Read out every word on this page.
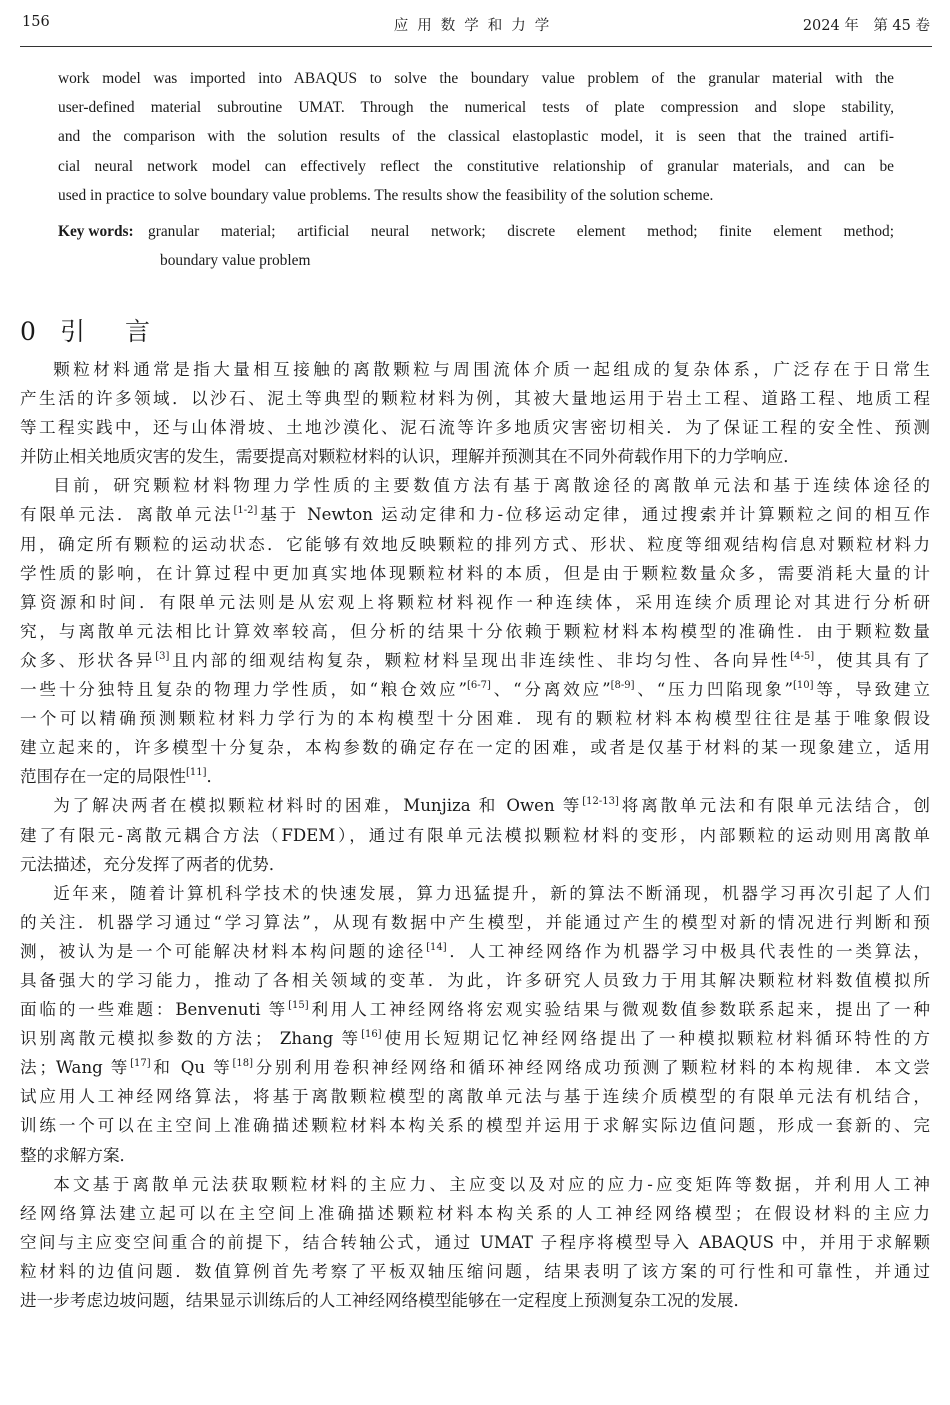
156	应用数学和力学	2024 年　第 45 卷
work model was imported into ABAQUS to solve the boundary value problem of the granular material with the
user-defined material subroutine UMAT. Through the numerical tests of plate compression and slope stability,
and the comparison with the solution results of the classical elastoplastic model, it is seen that the trained artifi-
cial neural network model can effectively reflect the constitutive relationship of granular materials, and can be
used in practice to solve boundary value problems. The results show the feasibility of the solution scheme.
Key words: granular material; artificial neural network; discrete element method; finite element method;
boundary value problem
0 引言

颗粒材料通常是指大量相互接触的离散颗粒与周围流体介质一起组成的复杂体系，广泛存在于日常生
产生活的许多领域．以沙石、泥土等典型的颗粒材料为例，其被大量地运用于岩土工程、道路工程、地质工程
等工程实践中，还与山体滑坡、土地沙漠化、泥石流等许多地质灾害密切相关．为了保证工程的安全性、预测
并防止相关地质灾害的发生，需要提高对颗粒材料的认识，理解并预测其在不同外荷载作用下的力学响应．

目前，研究颗粒材料物理力学性质的主要数值方法有基于离散途径的离散单元法和基于连续体途径的
有限单元法．离散单元法[1-2]基于 Newton 运动定律和力-位移运动定律，通过搜索并计算颗粒之间的相互作
用，确定所有颗粒的运动状态．它能够有效地反映颗粒的排列方式、形状、粒度等细观结构信息对颗粒材料力
学性质的影响，在计算过程中更加真实地体现颗粒材料的本质，但是由于颗粒数量众多，需要消耗大量的计
算资源和时间．有限单元法则是从宏观上将颗粒材料视作一种连续体，采用连续介质理论对其进行分析研
究，与离散单元法相比计算效率较高，但分析的结果十分依赖于颗粒材料本构模型的准确性．由于颗粒数量
众多、形状各异[3]且内部的细观结构复杂，颗粒材料呈现出非连续性、非均匀性、各向异性[4-5]，使其具有了
一些十分独特且复杂的物理力学性质，如“粮仓效应”[6-7]、“分离效应”[8-9]、“压力凹陷现象”[10]等，导致建立
一个可以精确预测颗粒材料力学行为的本构模型十分困难．现有的颗粒材料本构模型往往是基于唯象假设
建立起来的，许多模型十分复杂，本构参数的确定存在一定的困难，或者是仅基于材料的某一现象建立，适用
范围存在一定的局限性[11]．

为了解决两者在模拟颗粒材料时的困难，Munjiza 和 Owen 等[12-13]将离散单元法和有限单元法结合，创
建了有限元-离散元耦合方法（FDEM），通过有限单元法模拟颗粒材料的变形，内部颗粒的运动则用离散单
元法描述，充分发挥了两者的优势．

近年来，随着计算机科学技术的快速发展，算力迅猛提升，新的算法不断涌现，机器学习再次引起了人们
的关注．机器学习通过“学习算法”，从现有数据中产生模型，并能通过产生的模型对新的情况进行判断和预
测，被认为是一个可能解决材料本构问题的途径[14]．人工神经网络作为机器学习中极具代表性的一类算法，
具备强大的学习能力，推动了各相关领域的变革．为此，许多研究人员致力于用其解决颗粒材料数值模拟所
面临的一些难题：Benvenuti 等[15]利用人工神经网络将宏观实验结果与微观数值参数联系起来，提出了一种
识别离散元模拟参数的方法； Zhang 等[16]使用长短期记忆神经网络提出了一种模拟颗粒材料循环特性的方
法；Wang 等[17]和 Qu 等[18]分别利用卷积神经网络和循环神经网络成功预测了颗粒材料的本构规律．本文尝
试应用人工神经网络算法，将基于离散颗粒模型的离散单元法与基于连续介质模型的有限单元法有机结合，
训练一个可以在主空间上准确描述颗粒材料本构关系的模型并运用于求解实际边值问题，形成一套新的、完
整的求解方案．

本文基于离散单元法获取颗粒材料的主应力、主应变以及对应的应力-应变矩阵等数据，并利用人工神
经网络算法建立起可以在主空间上准确描述颗粒材料本构关系的人工神经网络模型；在假设材料的主应力
空间与主应变空间重合的前提下，结合转轴公式，通过 UMAT 子程序将模型导入 ABAQUS 中，并用于求解颗
粒材料的边值问题．数值算例首先考察了平板双轴压缩问题，结果表明了该方案的可行性和可靠性，并通过
进一步考虑边坡问题，结果显示训练后的人工神经网络模型能够在一定程度上预测复杂工况的发展．
